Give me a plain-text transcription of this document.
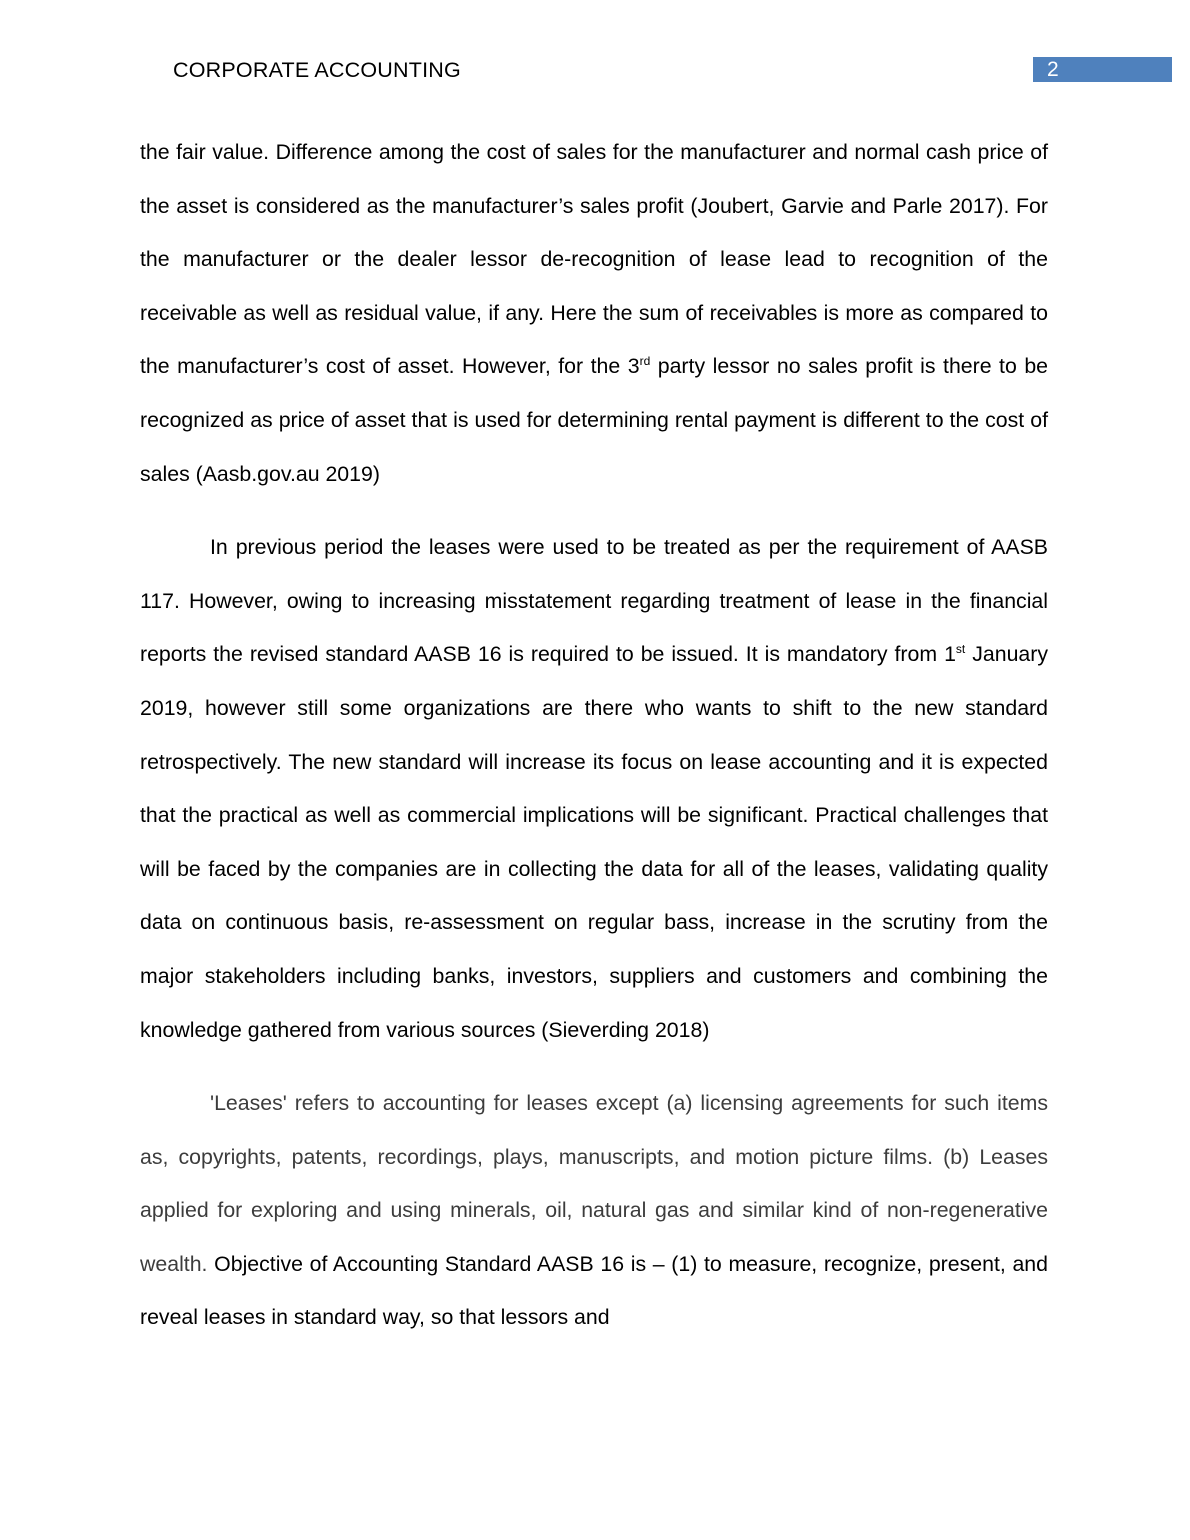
CORPORATE ACCOUNTING	2

the fair value. Difference among the cost of sales for the manufacturer and normal cash price of the asset is considered as the manufacturer’s sales profit (Joubert, Garvie and Parle 2017). For the manufacturer or the dealer lessor de-recognition of lease lead to recognition of the receivable as well as residual value, if any. Here the sum of receivables is more as compared to the manufacturer’s cost of asset. However, for the 3rd party lessor no sales profit is there to be recognized as price of asset that is used for determining rental payment is different to the cost of sales (Aasb.gov.au 2019)

In previous period the leases were used to be treated as per the requirement of AASB 117. However, owing to increasing misstatement regarding treatment of lease in the financial reports the revised standard AASB 16 is required to be issued. It is mandatory from 1st January 2019, however still some organizations are there who wants to shift to the new standard retrospectively. The new standard will increase its focus on lease accounting and it is expected that the practical as well as commercial implications will be significant. Practical challenges that will be faced by the companies are in collecting the data for all of the leases, validating quality data on continuous basis, re-assessment on regular bass, increase in the scrutiny from the major stakeholders including banks, investors, suppliers and customers and combining the knowledge gathered from various sources (Sieverding 2018)

'Leases' refers to accounting for leases except (a) licensing agreements for such items as, copyrights, patents, recordings, plays, manuscripts, and motion picture films. (b) Leases applied for exploring and using minerals, oil, natural gas and similar kind of non-regenerative wealth. Objective of Accounting Standard AASB 16 is – (1) to measure, recognize, present, and reveal leases in standard way, so that lessors and
